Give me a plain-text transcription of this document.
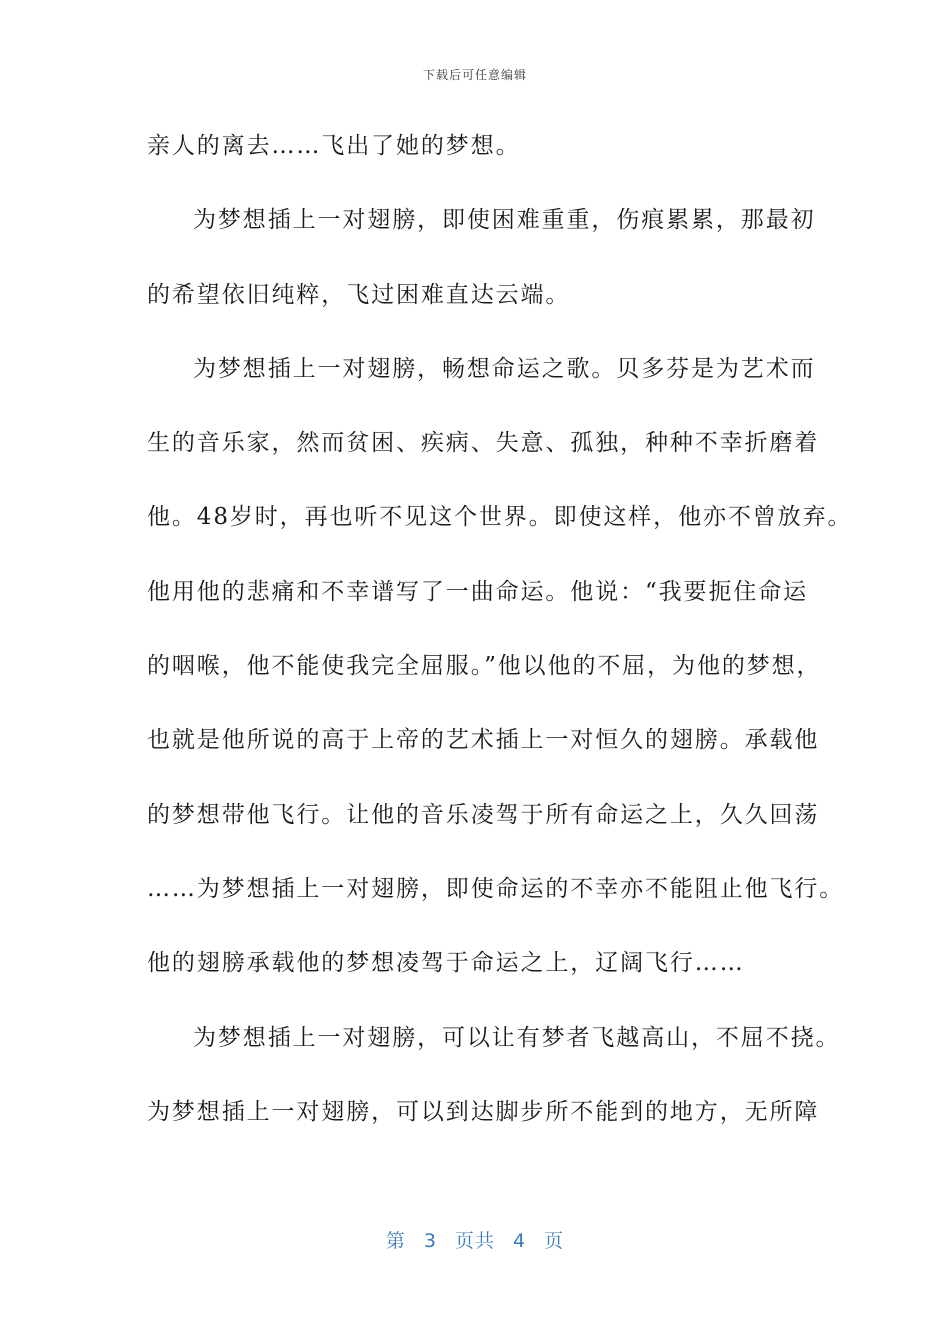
下载后可任意编辑
亲人的离去……飞出了她的梦想。
为梦想插上一对翅膀，即使困难重重，伤痕累累，那最初
的希望依旧纯粹，飞过困难直达云端。
为梦想插上一对翅膀，畅想命运之歌。贝多芬是为艺术而
生的音乐家，然而贫困、疾病、失意、孤独，种种不幸折磨着
他。48岁时，再也听不见这个世界。即使这样，他亦不曾放弃。
他用他的悲痛和不幸谱写了一曲命运。他说：“我要扼住命运
的咽喉，他不能使我完全屈服。”他以他的不屈，为他的梦想，
也就是他所说的高于上帝的艺术插上一对恒久的翅膀。承载他
的梦想带他飞行。让他的音乐凌驾于所有命运之上，久久回荡
……为梦想插上一对翅膀，即使命运的不幸亦不能阻止他飞行。
他的翅膀承载他的梦想凌驾于命运之上，辽阔飞行……
为梦想插上一对翅膀，可以让有梦者飞越高山，不屈不挠。
为梦想插上一对翅膀，可以到达脚步所不能到的地方，无所障
第 3 页共 4 页
